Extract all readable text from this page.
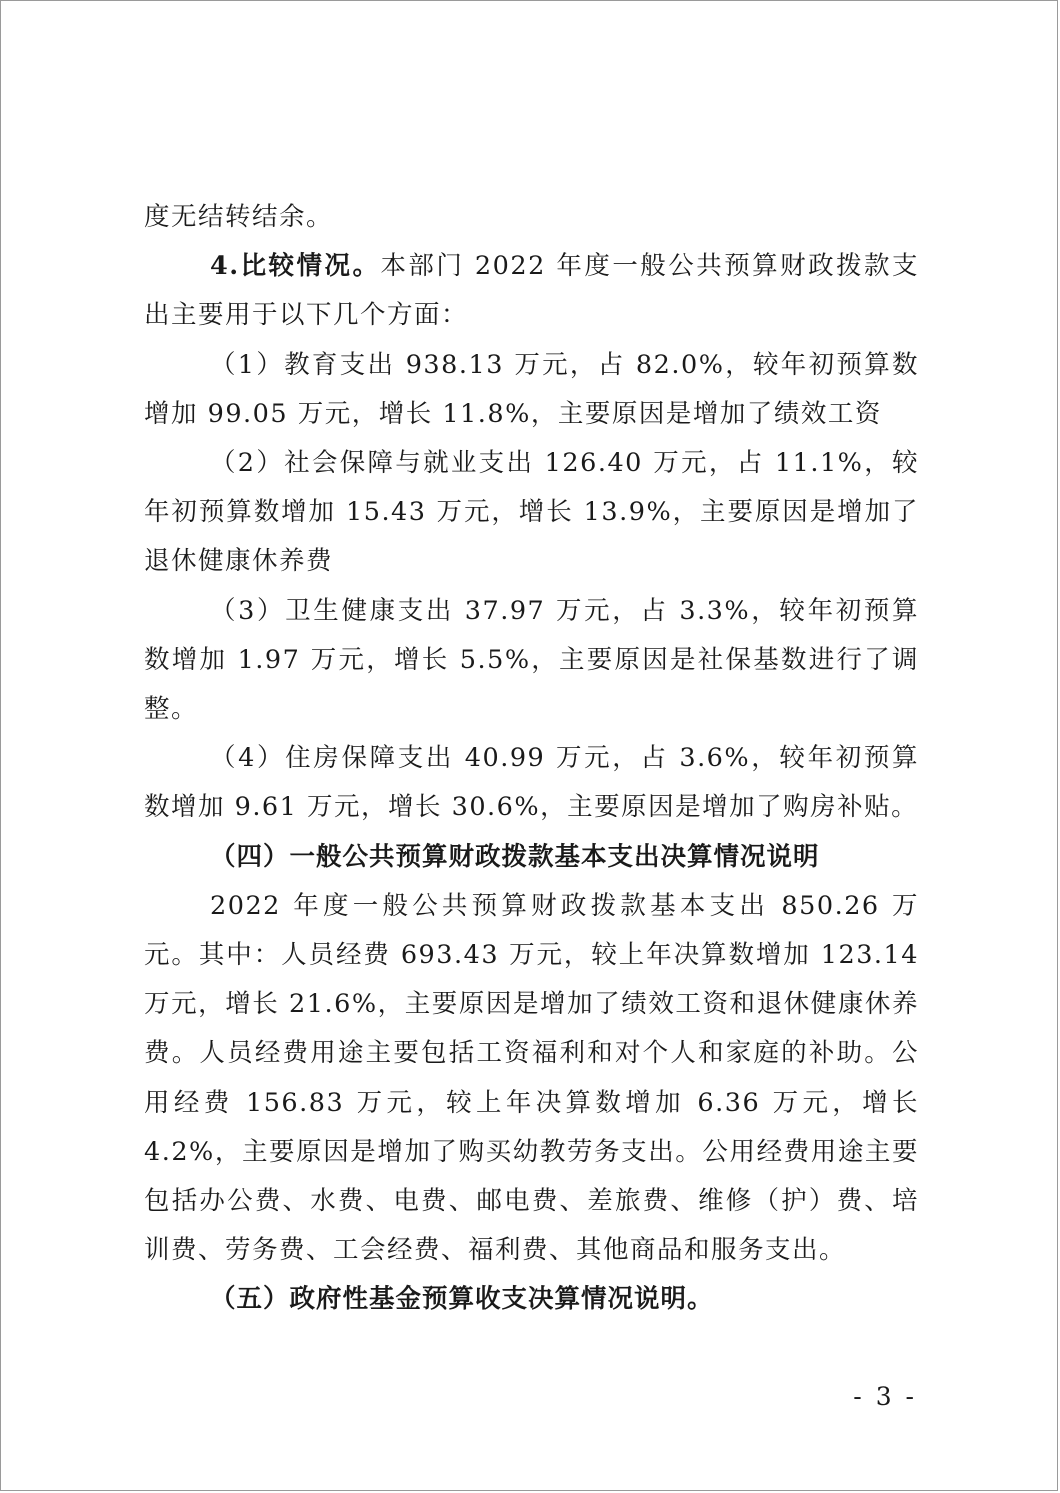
度无结转结余。

4.比较情况。本部门 2022 年度一般公共预算财政拨款支出主要用于以下几个方面：

（1）教育支出 938.13 万元，占 82.0%，较年初预算数增加 99.05 万元，增长 11.8%，主要原因是增加了绩效工资

（2）社会保障与就业支出 126.40 万元，占 11.1%，较年初预算数增加 15.43 万元，增长 13.9%，主要原因是增加了退休健康休养费

（3）卫生健康支出 37.97 万元，占 3.3%，较年初预算数增加 1.97 万元，增长 5.5%，主要原因是社保基数进行了调整。

（4）住房保障支出 40.99 万元，占 3.6%，较年初预算数增加 9.61 万元，增长 30.6%，主要原因是增加了购房补贴。

（四）一般公共预算财政拨款基本支出决算情况说明

2022 年度一般公共预算财政拨款基本支出 850.26 万元。其中：人员经费 693.43 万元，较上年决算数增加 123.14 万元，增长 21.6%，主要原因是增加了绩效工资和退休健康休养费。人员经费用途主要包括工资福利和对个人和家庭的补助。公用经费 156.83 万元，较上年决算数增加 6.36 万元，增长 4.2%，主要原因是增加了购买幼教劳务支出。公用经费用途主要包括办公费、水费、电费、邮电费、差旅费、维修（护）费、培训费、劳务费、工会经费、福利费、其他商品和服务支出。

（五）政府性基金预算收支决算情况说明。

- 3 -
